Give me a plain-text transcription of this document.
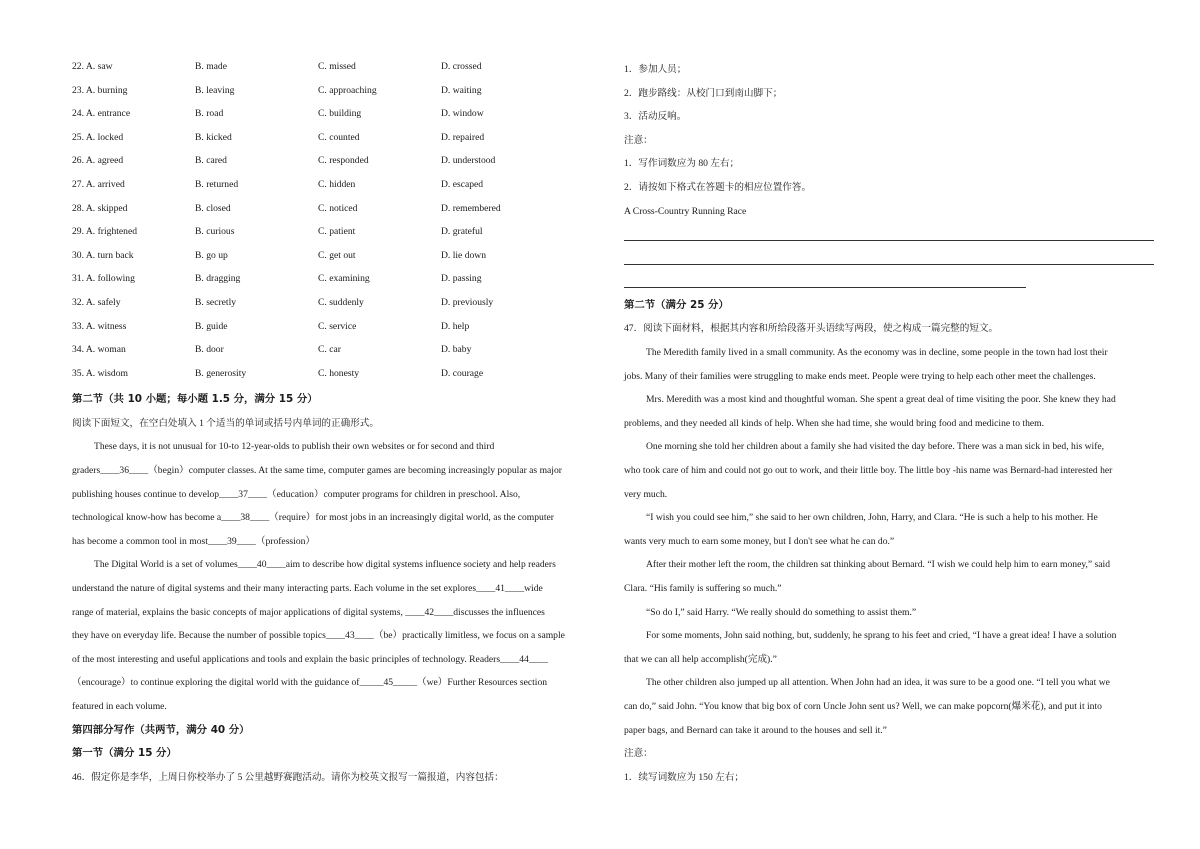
22. A. saw	B. made	C. missed	D. crossed
23. A. burning	B. leaving	C. approaching	D. waiting
24. A. entrance	B. road	C. building	D. window
25. A. locked	B. kicked	C. counted	D. repaired
26. A. agreed	B. cared	C. responded	D. understood
27. A. arrived	B. returned	C. hidden	D. escaped
28. A. skipped	B. closed	C. noticed	D. remembered
29. A. frightened	B. curious	C. patient	D. grateful
30. A. turn back	B. go up	C. get out	D. lie down
31. A. following	B. dragging	C. examining	D. passing
32. A. safely	B. secretly	C. suddenly	D. previously
33. A. witness	B. guide	C. service	D. help
34. A. woman	B. door	C. car	D. baby
35. A. wisdom	B. generosity	C. honesty	D. courage
第二节（共 10 小题；每小题 1.5 分，满分 15 分）
阅读下面短文，在空白处填入 1 个适当的单词或括号内单词的正确形式。
These days, it is not unusual for 10-to 12-year-olds to publish their own websites or for second and third
graders____36____（begin）computer classes. At the same time, computer games are becoming increasingly popular as major
publishing houses continue to develop____37____（education）computer programs for children in preschool. Also,
technological know-how has become a____38____（require）for most jobs in an increasingly digital world, as the computer
has become a common tool in most____39____（profession）
The Digital World is a set of volumes____40____aim to describe how digital systems influence society and help readers
understand the nature of digital systems and their many interacting parts. Each volume in the set explores____41____wide
range of material, explains the basic concepts of major applications of digital systems, ____42____discusses the influences
they have on everyday life. Because the number of possible topics____43____（be）practically limitless, we focus on a sample
of the most interesting and useful applications and tools and explain the basic principles of technology. Readers____44____
（encourage）to continue exploring the digital world with the guidance of_____45_____（we）Further Resources section
featured in each volume.
第四部分写作（共两节，满分 40 分）
第一节（满分 15 分）
46．假定你是李华，上周日你校举办了 5 公里越野赛跑活动。请你为校英文报写一篇报道，内容包括：
1．参加人员；
2．跑步路线：从校门口到南山脚下；
3．活动反响。
注意：
1．写作词数应为 80 左右；
2．请按如下格式在答题卡的相应位置作答。
A Cross-Country Running Race
第二节（满分 25 分）
47．阅读下面材料，根据其内容和所给段落开头语续写两段，使之构成一篇完整的短文。
The Meredith family lived in a small community. As the economy was in decline, some people in the town had lost their
jobs. Many of their families were struggling to make ends meet. People were trying to help each other meet the challenges.
Mrs. Meredith was a most kind and thoughtful woman. She spent a great deal of time visiting the poor. She knew they had
problems, and they needed all kinds of help. When she had time, she would bring food and medicine to them.
One morning she told her children about a family she had visited the day before. There was a man sick in bed, his wife,
who took care of him and could not go out to work, and their little boy. The little boy -his name was Bernard-had interested her
very much.
“I wish you could see him,” she said to her own children, John, Harry, and Clara. “He is such a help to his mother. He
wants very much to earn some money, but I don't see what he can do.”
After their mother left the room, the children sat thinking about Bernard. “I wish we could help him to earn money,” said
Clara. “His family is suffering so much.”
“So do I,” said Harry. “We really should do something to assist them.”
For some moments, John said nothing, but, suddenly, he sprang to his feet and cried, “I have a great idea! I have a solution
that we can all help accomplish(完成).”
The other children also jumped up all attention. When John had an idea, it was sure to be a good one. “I tell you what we
can do,” said John. “You know that big box of corn Uncle John sent us? Well, we can make popcorn(爆米花), and put it into
paper bags, and Bernard can take it around to the houses and sell it.”
注意：
1．续写词数应为 150 左右；
